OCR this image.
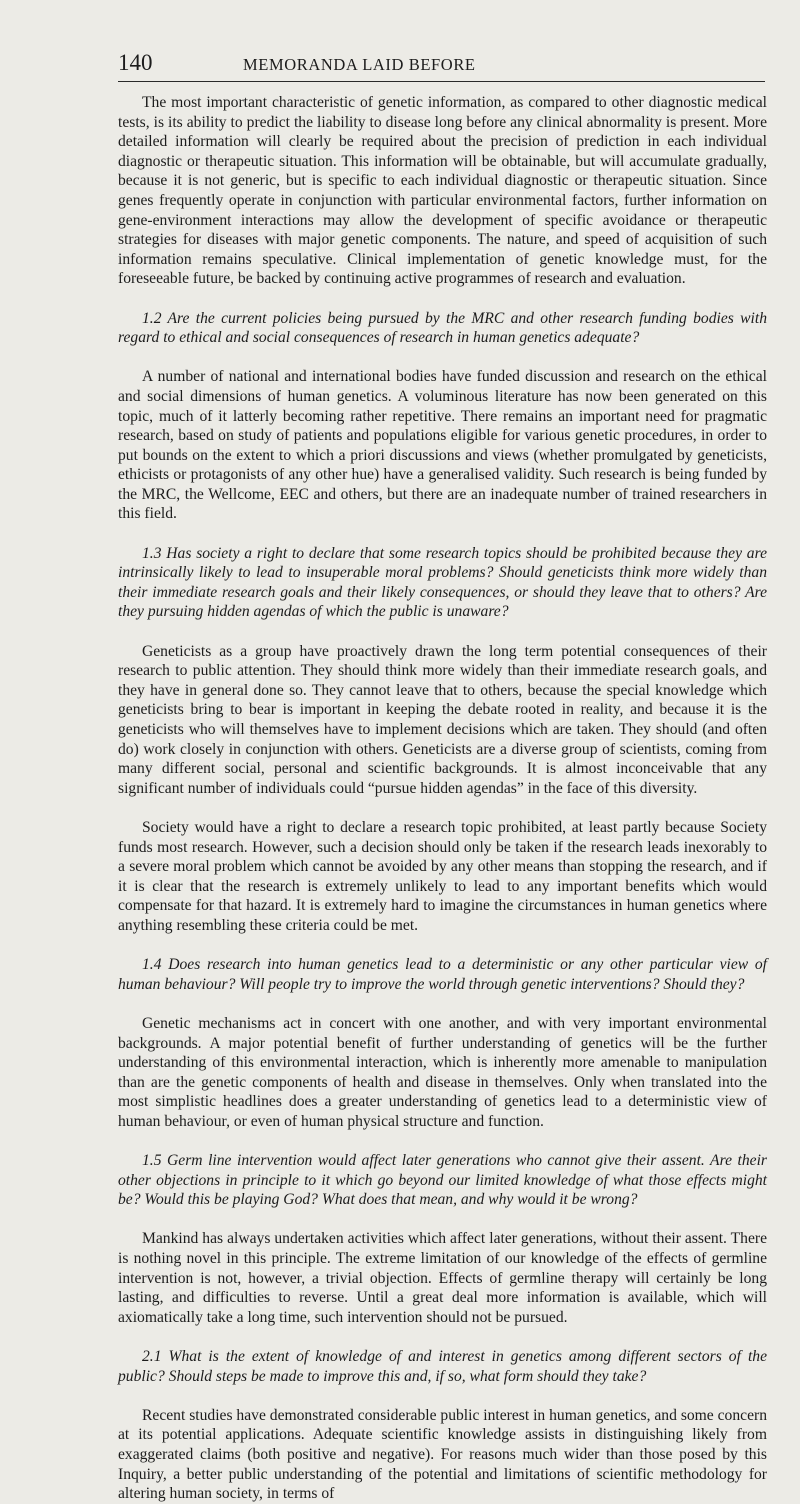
140	MEMORANDA LAID BEFORE

The most important characteristic of genetic information, as compared to other diagnostic medical tests, is its ability to predict the liability to disease long before any clinical abnormality is present. More detailed information will clearly be required about the precision of prediction in each individual diagnostic or therapeutic situation. This information will be obtainable, but will accumulate gradually, because it is not generic, but is specific to each individual diagnostic or therapeutic situation. Since genes frequently operate in conjunction with particular environmental factors, further information on gene-environment interactions may allow the development of specific avoidance or therapeutic strategies for diseases with major genetic components. The nature, and speed of acquisition of such information remains speculative. Clinical implementation of genetic knowledge must, for the foreseeable future, be backed by continuing active programmes of research and evaluation.

1.2 Are the current policies being pursued by the MRC and other research funding bodies with regard to ethical and social consequences of research in human genetics adequate?

A number of national and international bodies have funded discussion and research on the ethical and social dimensions of human genetics. A voluminous literature has now been generated on this topic, much of it latterly becoming rather repetitive. There remains an important need for pragmatic research, based on study of patients and populations eligible for various genetic procedures, in order to put bounds on the extent to which a priori discussions and views (whether promulgated by geneticists, ethicists or protagonists of any other hue) have a generalised validity. Such research is being funded by the MRC, the Wellcome, EEC and others, but there are an inadequate number of trained researchers in this field.

1.3 Has society a right to declare that some research topics should be prohibited because they are intrinsically likely to lead to insuperable moral problems? Should geneticists think more widely than their immediate research goals and their likely consequences, or should they leave that to others? Are they pursuing hidden agendas of which the public is unaware?

Geneticists as a group have proactively drawn the long term potential consequences of their research to public attention. They should think more widely than their immediate research goals, and they have in general done so. They cannot leave that to others, because the special knowledge which geneticists bring to bear is important in keeping the debate rooted in reality, and because it is the geneticists who will themselves have to implement decisions which are taken. They should (and often do) work closely in conjunction with others. Geneticists are a diverse group of scientists, coming from many different social, personal and scientific backgrounds. It is almost inconceivable that any significant number of individuals could “pursue hidden agendas” in the face of this diversity.

Society would have a right to declare a research topic prohibited, at least partly because Society funds most research. However, such a decision should only be taken if the research leads inexorably to a severe moral problem which cannot be avoided by any other means than stopping the research, and if it is clear that the research is extremely unlikely to lead to any important benefits which would compensate for that hazard. It is extremely hard to imagine the circumstances in human genetics where anything resembling these criteria could be met.

1.4 Does research into human genetics lead to a deterministic or any other particular view of human behaviour? Will people try to improve the world through genetic interventions? Should they?

Genetic mechanisms act in concert with one another, and with very important environmental backgrounds. A major potential benefit of further understanding of genetics will be the further understanding of this environmental interaction, which is inherently more amenable to manipulation than are the genetic components of health and disease in themselves. Only when translated into the most simplistic headlines does a greater understanding of genetics lead to a deterministic view of human behaviour, or even of human physical structure and function.

1.5 Germ line intervention would affect later generations who cannot give their assent. Are their other objections in principle to it which go beyond our limited knowledge of what those effects might be? Would this be playing God? What does that mean, and why would it be wrong?

Mankind has always undertaken activities which affect later generations, without their assent. There is nothing novel in this principle. The extreme limitation of our knowledge of the effects of germline intervention is not, however, a trivial objection. Effects of germline therapy will certainly be long lasting, and difficulties to reverse. Until a great deal more information is available, which will axiomatically take a long time, such intervention should not be pursued.

2.1 What is the extent of knowledge of and interest in genetics among different sectors of the public? Should steps be made to improve this and, if so, what form should they take?

Recent studies have demonstrated considerable public interest in human genetics, and some concern at its potential applications. Adequate scientific knowledge assists in distinguishing likely from exaggerated claims (both positive and negative). For reasons much wider than those posed by this Inquiry, a better public understanding of the potential and limitations of scientific methodology for altering human society, in terms of
